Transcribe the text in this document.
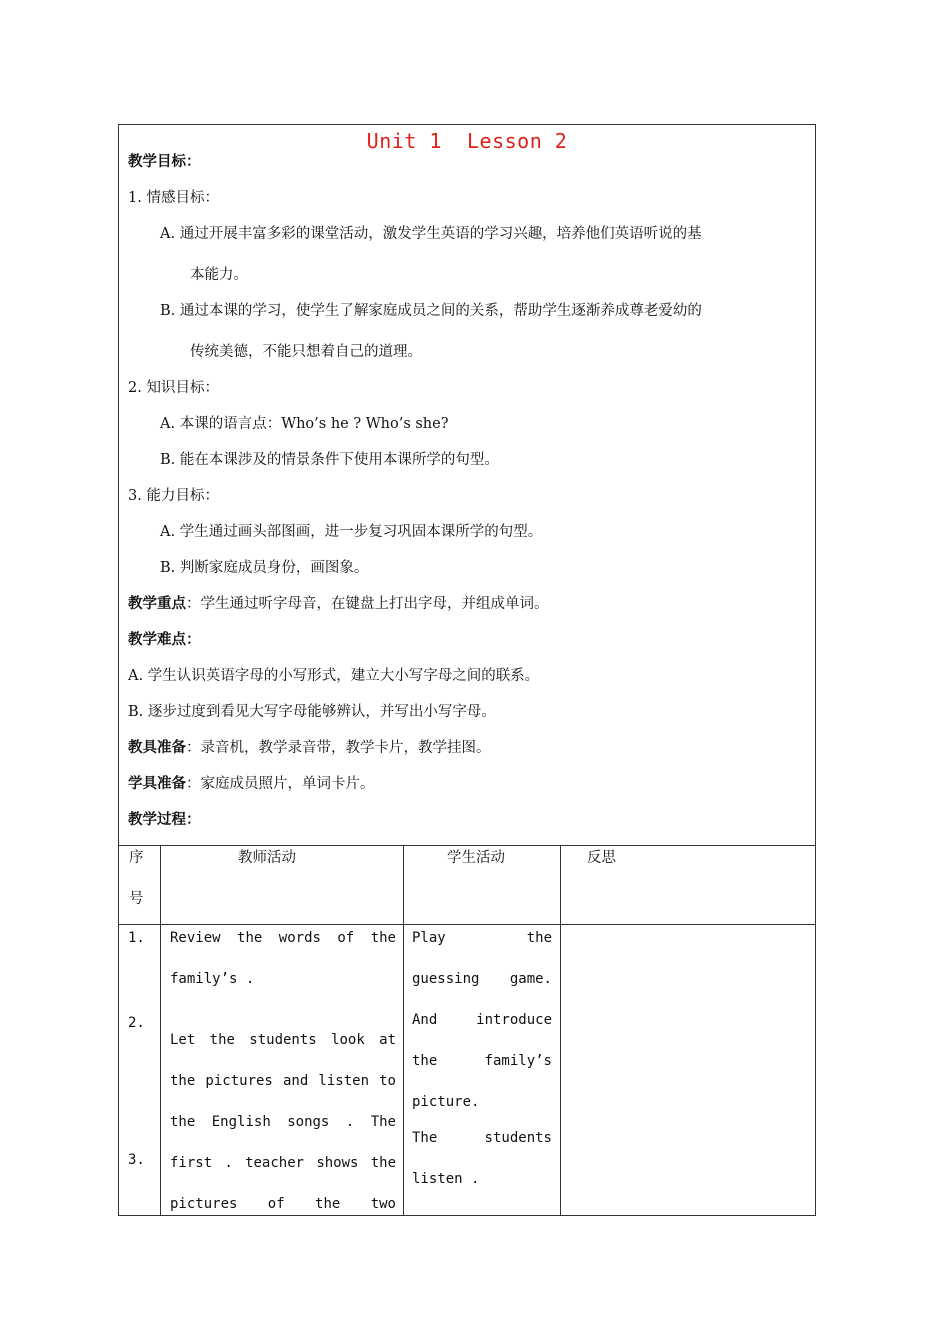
Unit 1  Lesson 2
教学目标：
1. 情感目标：
A. 通过开展丰富多彩的课堂活动，激发学生英语的学习兴趣，培养他们英语听说的基
本能力。
B. 通过本课的学习，使学生了解家庭成员之间的关系，帮助学生逐渐养成尊老爱幼的
传统美德，不能只想着自己的道理。
2. 知识目标：
A. 本课的语言点：Who’s he ? Who’s she?
B. 能在本课涉及的情景条件下使用本课所学的句型。
3. 能力目标：
A. 学生通过画头部图画，进一步复习巩固本课所学的句型。
B. 判断家庭成员身份，画图象。
教学重点：学生通过听字母音，在键盘上打出字母，并组成单词。
教学难点：
A. 学生认识英语字母的小写形式，建立大小写字母之间的联系。
B. 逐步过度到看见大写字母能够辨认，并写出小写字母。
教具准备：录音机，教学录音带，教学卡片，教学挂图。
学具准备：家庭成员照片，单词卡片。
教学过程：
序
号
教师活动	学生活动	反思
1.
2.
3.
Review the words of the
family’s .
Let the students look at
the pictures and listen to
the English songs . The
first . teacher shows the
pictures of the two
Play the
guessing game.
And introduce
the family’s
picture.
The students
listen .
